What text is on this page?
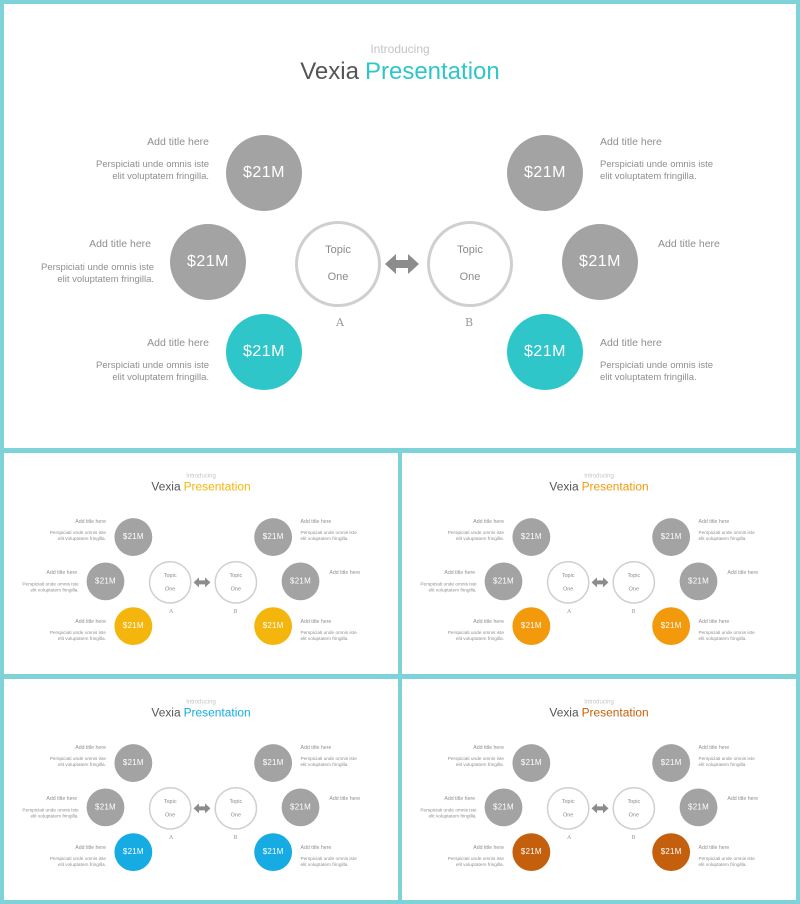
Introducing
Vexia Presentation
Add title here
Perspiciati unde omnis iste
elit voluptatem fringilla.
Add title here
Perspiciati unde omnis iste
elit voluptatem fringilla.
Add title here
Perspiciati unde omnis iste
elit voluptatem fringilla.
$21M
$21M
$21M
Topic

One
Topic

One
A	B
$21M
$21M
$21M
Add title here
Perspiciati unde omnis iste
elit voluptatem fringilla.
Add title here
Add title here
Perspiciati unde omnis iste
elit voluptatem fringilla.
Introducing
Vexia Presentation
Add title here
Perspiciati unde omnis iste
elit voluptatem fringilla.
Add title here
Perspiciati unde omnis iste
elit voluptatem fringilla.
Add title here
Perspiciati unde omnis iste
elit voluptatem fringilla.
$21M
$21M
$21M
Topic

One
Topic

One
A	B
$21M
$21M
$21M
Add title here
Perspiciati unde omnis iste
elit voluptatem fringilla.
Add title here
Add title here
Perspiciati unde omnis iste
elit voluptatem fringilla.
Introducing
Vexia Presentation
Add title here
Perspiciati unde omnis iste
elit voluptatem fringilla.
Add title here
Perspiciati unde omnis iste
elit voluptatem fringilla.
Add title here
Perspiciati unde omnis iste
elit voluptatem fringilla.
$21M
$21M
$21M
Topic

One
Topic

One
A	B
$21M
$21M
$21M
Add title here
Perspiciati unde omnis iste
elit voluptatem fringilla.
Add title here
Add title here
Perspiciati unde omnis iste
elit voluptatem fringilla.
Introducing
Vexia Presentation
Add title here
Perspiciati unde omnis iste
elit voluptatem fringilla.
Add title here
Perspiciati unde omnis iste
elit voluptatem fringilla.
Add title here
Perspiciati unde omnis iste
elit voluptatem fringilla.
$21M
$21M
$21M
Topic

One
Topic

One
A	B
$21M
$21M
$21M
Add title here
Perspiciati unde omnis iste
elit voluptatem fringilla.
Add title here
Add title here
Perspiciati unde omnis iste
elit voluptatem fringilla.
Introducing
Vexia Presentation
Add title here
Perspiciati unde omnis iste
elit voluptatem fringilla.
Add title here
Perspiciati unde omnis iste
elit voluptatem fringilla.
Add title here
Perspiciati unde omnis iste
elit voluptatem fringilla.
$21M
$21M
$21M
Topic

One
Topic

One
A	B
$21M
$21M
$21M
Add title here
Perspiciati unde omnis iste
elit voluptatem fringilla.
Add title here
Add title here
Perspiciati unde omnis iste
elit voluptatem fringilla.
